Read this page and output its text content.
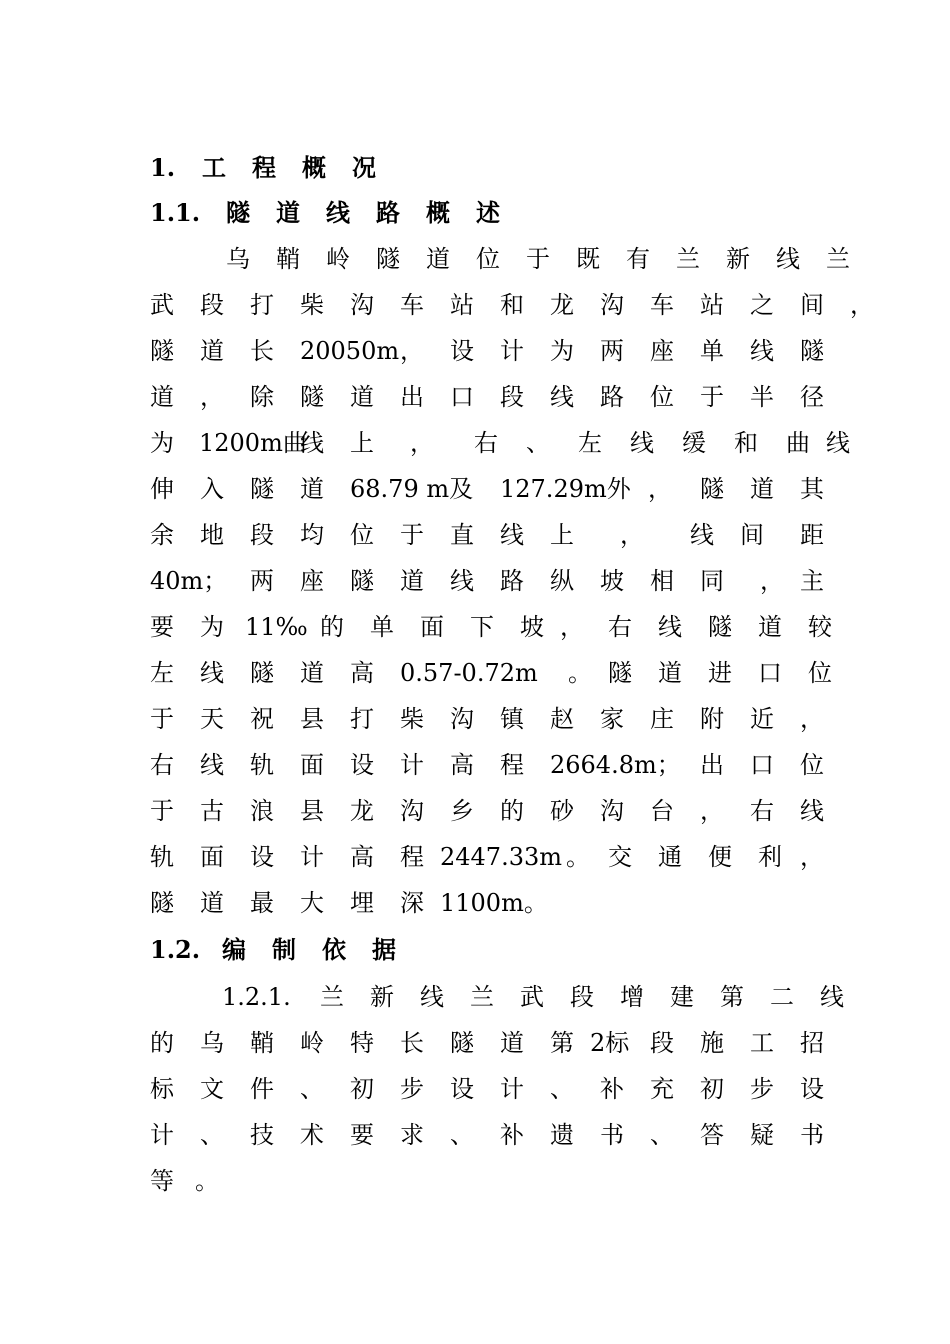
1. 工 程 概 况
1.1. 隧 道 线 路 概 述
乌 鞘 岭 隧 道 位 于 既 有 兰 新 线 兰
武 段 打 柴 沟 车 站 和 龙 沟 车 站 之 间 ，
隧 道 长 20050m ， 设 计 为 两 座 单 线 隧
道 ， 除 隧 道 出 口 段 线 路 位 于 半 径
为 1200m曲
线 上 ， 右 、 左 线 缓 和 曲 线
伸 入 隧 道 68.79 m及 127.29m外 ， 隧 道 其
余 地 段 均 位 于 直 线 上 ， 线 间 距
40m； 两 座 隧 道 线 路 纵 坡 相 同 ， 主
要 为 11‰ 的 单 面 下 坡 ， 右 线 隧 道 较
左 线 隧 道 高 0.57-0.72m 。 隧 道 进 口 位
于 天 祝 县 打 柴 沟 镇 赵 家 庄 附 近 ，
右 线 轨 面 设 计 高 程 2664.8m； 出 口 位
于 古 浪 县 龙 沟 乡 的 砂 沟 台 ， 右 线
轨 面 设 计 高 程 2447.33m 。 交 通 便 利 ，
隧 道 最 大 埋 深 1100m。
1.2. 编 制 依 据
1.2.1. 兰 新 线 兰 武 段 增 建 第 二 线
的 乌 鞘 岭 特 长 隧 道 第 2标 段 施 工 招
标 文 件 、 初 步 设 计 、 补 充 初 步 设
计 、 技 术 要 求 、 补 遗 书 、 答 疑 书
等 。
